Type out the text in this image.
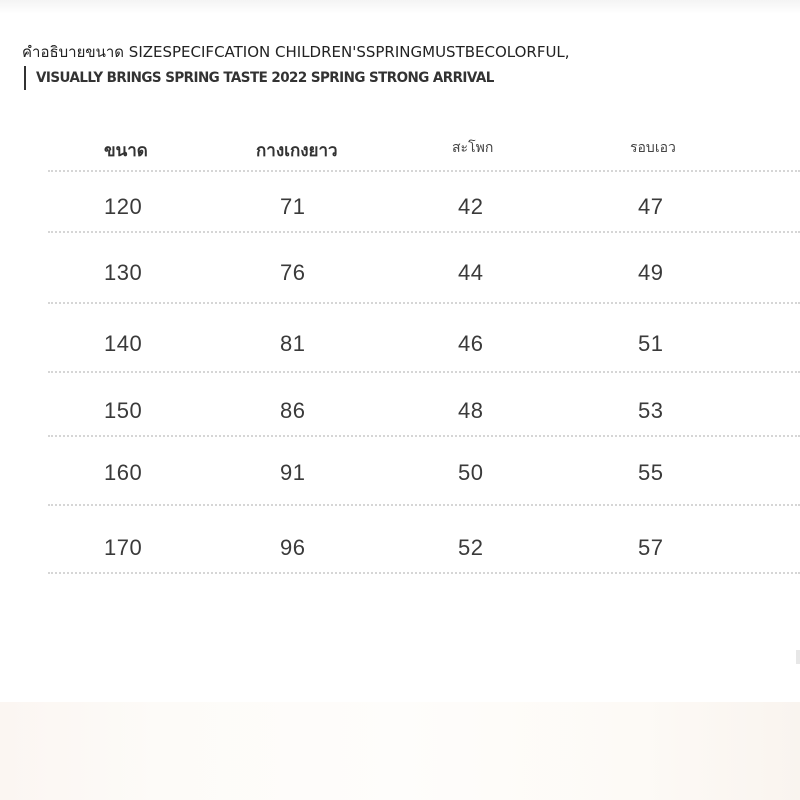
คำอธิบายขนาด SIZESPECIFCATION CHILDREN'SSPRINGMUSTBECOLORFUL,
VISUALLY BRINGS SPRING TASTE 2022 SPRING STRONG ARRIVAL
ขนาด	กางเกงยาว	สะโพก	รอบเอว
120	71	42	47
130	76	44	49
140	81	46	51
150	86	48	53
160	91	50	55
170	96	52	57
